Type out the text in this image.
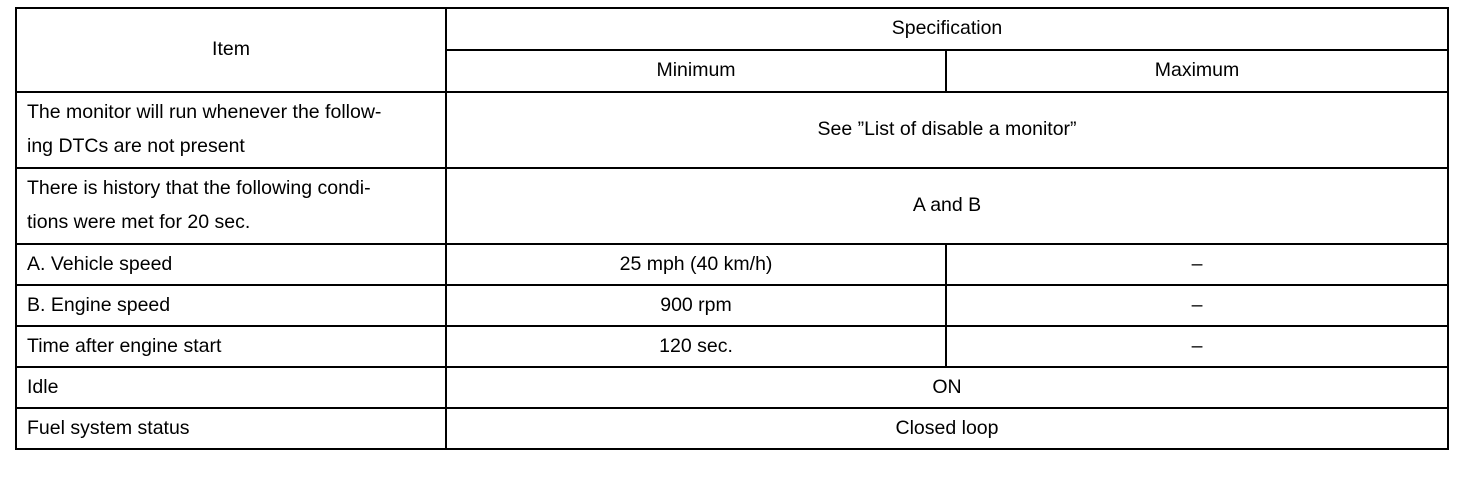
Item	Specification	
	Minimum	Maximum
The monitor will run whenever the follow-
ing DTCs are not present	See ”List of disable a monitor”	
There is history that the following condi-
tions were met for 20 sec.	A and B	
A. Vehicle speed	25 mph (40 km/h)	–
B. Engine speed	900 rpm	–
Time after engine start	120 sec.	–
Idle	ON	
Fuel system status	Closed loop	
